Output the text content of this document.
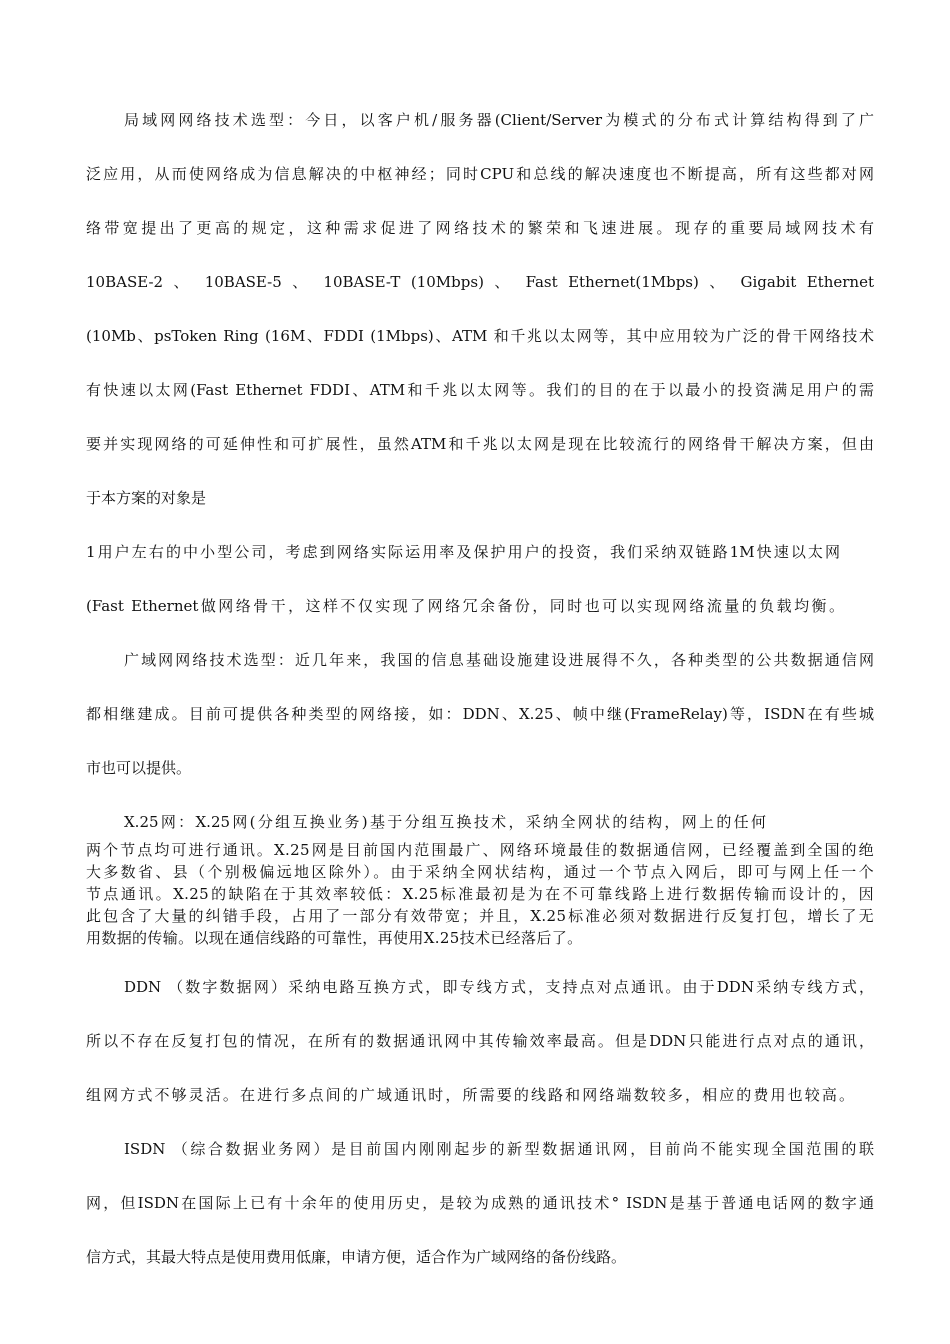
局域网网络技术选型：今日，以客户机/服务器(Client/Server为模式的分布式计算结构得到了广
泛应用，从而使网络成为信息解决的中枢神经；同时CPU和总线的解决速度也不断提高，所有这些都对网
络带宽提出了更高的规定，这种需求促进了网络技术的繁荣和飞速进展。现存的重要局域网技术有
10BASE-2 、 10BASE-5 、 10BASE-T (10Mbps) 、 Fast Ethernet(1Mbps) 、 Gigabit Ethernet
(10Mb、psToken Ring (16M、FDDI (1Mbps)、ATM 和千兆以太网等，其中应用较为广泛的骨干网络技术
有快速以太网(Fast Ethernet FDDI、ATM和千兆以太网等。我们的目的在于以最小的投资满足用户的需
要并实现网络的可延伸性和可扩展性，虽然ATM和千兆以太网是现在比较流行的网络骨干解决方案，但由
于本方案的对象是
1用户左右的中小型公司，考虑到网络实际运用率及保护用户的投资，我们采纳双链路1M快速以太网
(Fast Ethernet做网络骨干，这样不仅实现了网络冗余备份，同时也可以实现网络流量的负载均衡。
广域网网络技术选型：近几年来，我国的信息基础设施建设进展得不久，各种类型的公共数据通信网
都相继建成。目前可提供各种类型的网络接，如：DDN、X.25、帧中继(FrameRelay)等，ISDN在有些城
市也可以提供。
X.25网：X.25网(分组互换业务)基于分组互换技术，采纳全网状的结构，网上的任何
两个节点均可进行通讯。X.25网是目前国内范围最广、网络环境最佳的数据通信网，已经覆盖到全国的绝
大多数省、县（个别极偏远地区除外）。由于采纳全网状结构，通过一个节点入网后，即可与网上任一个
节点通讯。X.25的缺陷在于其效率较低：X.25标准最初是为在不可靠线路上进行数据传输而设计的，因
此包含了大量的纠错手段，占用了一部分有效带宽；并且，X.25标准必须对数据进行反复打包，增长了无
用数据的传输。以现在通信线路的可靠性，再使用X.25技术已经落后了。
DDN （数字数据网）采纳电路互换方式，即专线方式，支持点对点通讯。由于DDN采纳专线方式，
所以不存在反复打包的情况，在所有的数据通讯网中其传输效率最高。但是DDN只能进行点对点的通讯，
组网方式不够灵活。在进行多点间的广域通讯时，所需要的线路和网络端数较多，相应的费用也较高。
ISDN （综合数据业务网）是目前国内刚刚起步的新型数据通讯网，目前尚不能实现全国范围的联
网，但ISDN在国际上已有十余年的使用历史，是较为成熟的通讯技术° ISDN是基于普通电话网的数字通
信方式，其最大特点是使用费用低廉，申请方便，适合作为广域网络的备份线路。
